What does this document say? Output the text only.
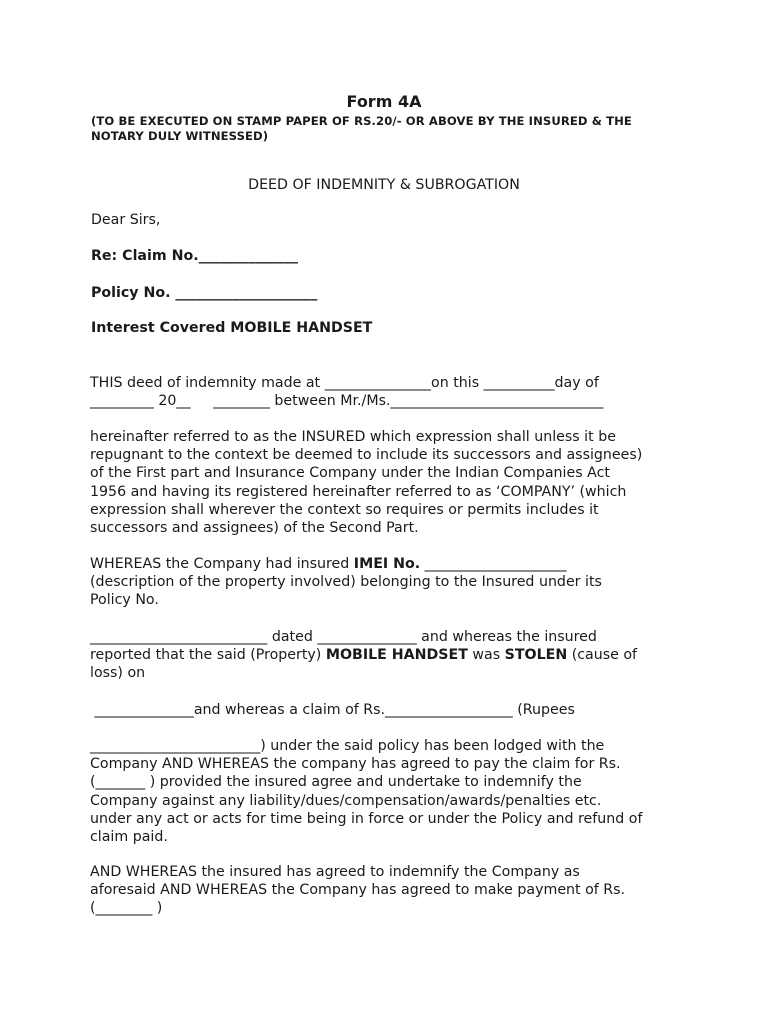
Form 4A
(TO BE EXECUTED ON STAMP PAPER OF RS.20/- OR ABOVE BY THE INSURED & THE
NOTARY DULY WITNESSED)
DEED OF INDEMNITY & SUBROGATION
Dear Sirs,
Re: Claim No.______________
Policy No. ____________________
Interest Covered MOBILE HANDSET
THIS deed of indemnity made at _______________on this __________day of
_________ 20__     ________ between Mr./Ms.______________________________
hereinafter referred to as the INSURED which expression shall unless it be
repugnant to the context be deemed to include its successors and assignees)
of the First part and Insurance Company under the Indian Companies Act
1956 and having its registered hereinafter referred to as ‘COMPANY’ (which
expression shall wherever the context so requires or permits includes it
successors and assignees) of the Second Part.
WHEREAS the Company had insured IMEI No. ____________________
(description of the property involved) belonging to the Insured under its
Policy No.
_________________________ dated ______________ and whereas the insured
reported that the said (Property) MOBILE HANDSET was STOLEN (cause of
loss) on
______________and whereas a claim of Rs.__________________ (Rupees
________________________) under the said policy has been lodged with the
Company AND WHEREAS the company has agreed to pay the claim for Rs.
(_______ ) provided the insured agree and undertake to indemnify the
Company against any liability/dues/compensation/awards/penalties etc.
under any act or acts for time being in force or under the Policy and refund of
claim paid.
AND WHEREAS the insured has agreed to indemnify the Company as
aforesaid AND WHEREAS the Company has agreed to make payment of Rs.
(________ )
